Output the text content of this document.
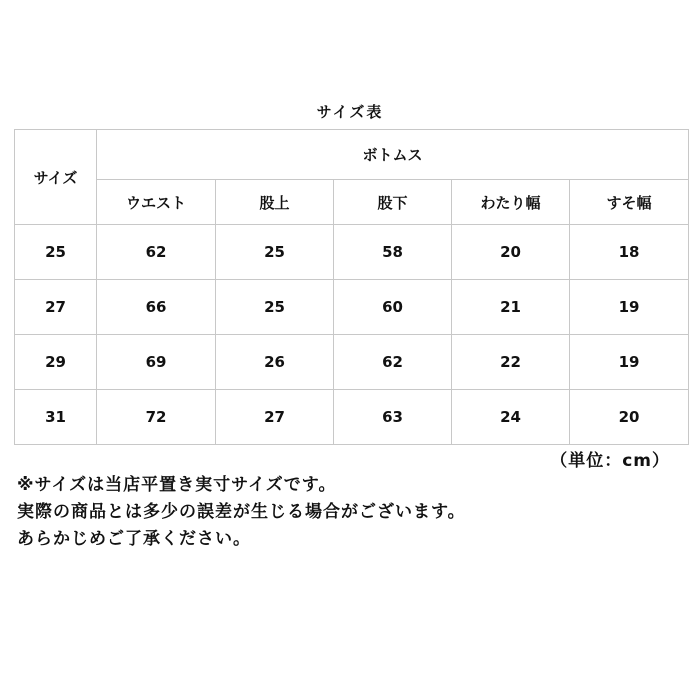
サイズ表
サイズ	ボトムス				
	ウエスト	股上	股下	わたり幅	すそ幅
25	62	25	58	20	18
27	66	25	60	21	19
29	69	26	62	22	19
31	72	27	63	24	20
（単位：cm）
※サイズは当店平置き実寸サイズです。
実際の商品とは多少の誤差が生じる場合がございます。
あらかじめご了承ください。
